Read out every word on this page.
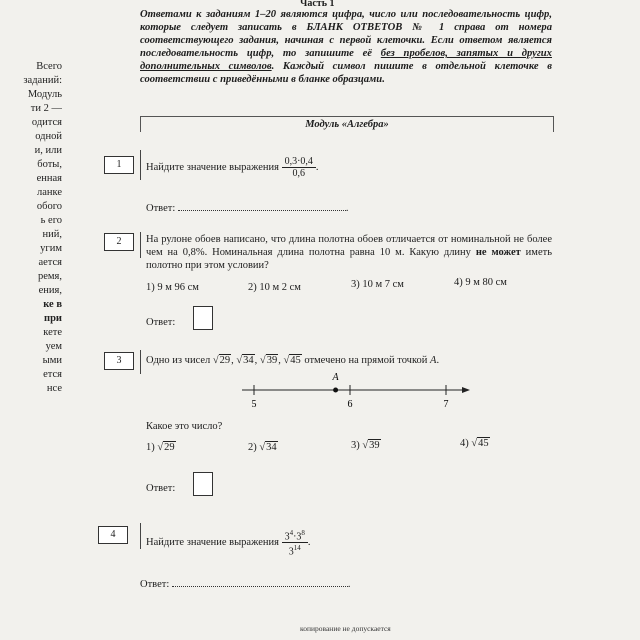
Всего
заданий:
Модуль
ти 2 —
одится
одной
и, или
боты,
енная
ланке
обого
ь его
ний,
угим
ается
ремя,
ения,
ке в
при
кете
уем
ыми
ется
нсе
Часть 1

Ответами к заданиям 1–20 являются цифра, число или последовательность цифр, которые следует записать в БЛАНК ОТВЕТОВ № 1 справа от номера соответствующего задания, начиная с первой клеточки. Если ответом является последовательность цифр, то запишите её без пробелов, запятых и других дополнительных символов. Каждый символ пишите в отдельной клеточке в соответствии с приведёнными в бланке образцами.

Модуль «Алгебра»
1	Найдите значение выражения $\frac{0,3\cdot 0,4}{0,6}$ .
Ответ:	.
2	На рулоне обоев написано, что длина полотна обоев отличается от номинальной не более чем на 0,8%. Номинальная длина полотна равна 10 м. Какую длину не может иметь полотно при этом условии?
1) 9 м 96 см	2) 10 м 2 см	3) 10 м 7 см	4) 9 м 80 см
Ответ:
3	Одно из чисел √29, √34, √39, √45 отмечено на прямой точкой A.
5	6	7
A
Какое это число?
1) √29	2) √34	3) √39	4) √45
Ответ:
4
Найдите значение выражения $\frac{3^4\cdot 3^8}{3^{14}}$ .
Ответ:	.
копирование не допускается
